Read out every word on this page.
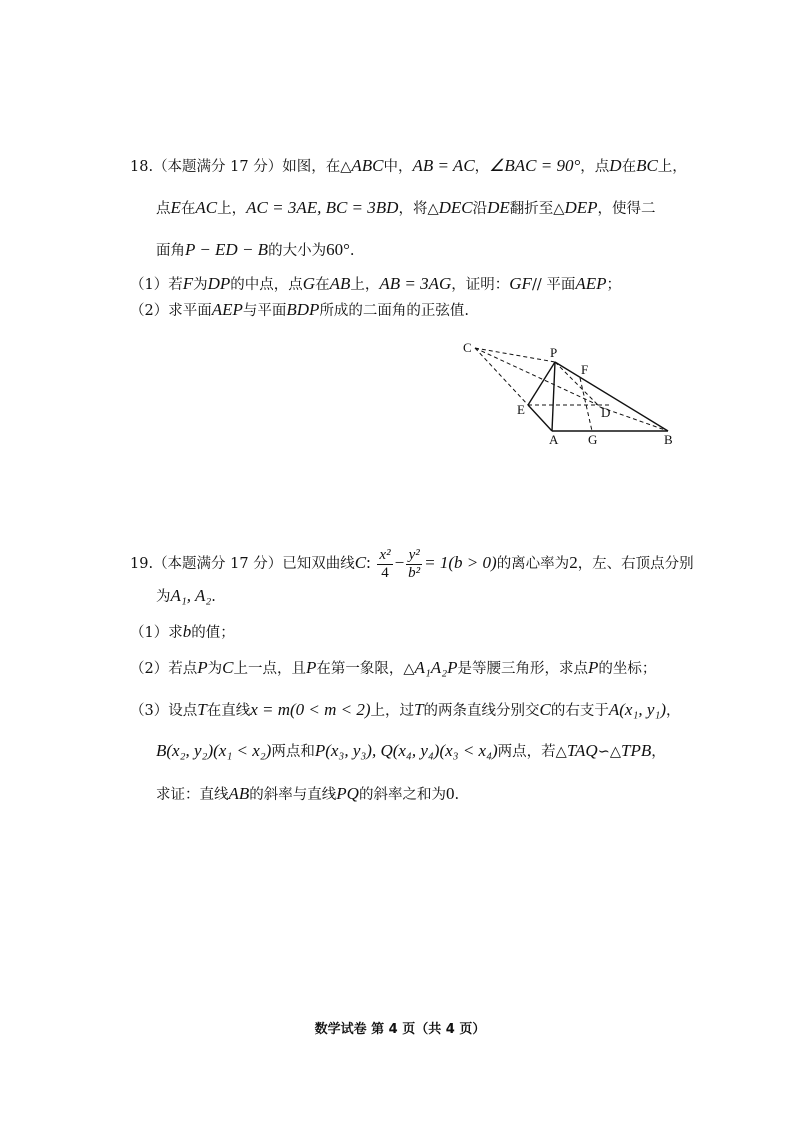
18.（本题满分 17 分）如图，在△ABC中，AB = AC，∠BAC = 90°，点D在BC上，
点E在AC上，AC = 3AE, BC = 3BD，将△DEC沿DE翻折至△DEP，使得二
面角P − ED − B的大小为60°.
（1）若F为DP的中点，点G在AB上，AB = 3AG，证明：GF// 平面AEP；
（2）求平面AEP与平面BDP所成的二面角的正弦值.
C	P
F
E	D
A G	B
19.（本题满分 17 分）已知双曲线C: $\frac{\text{x²}}{4} - \frac{\text{y²}}{\text{b²}} = 1(b > 0)$的离心率为2，左、右顶点分别
为A₁, A₂.
（1）求b的值；
（2）若点P为C上一点，且P在第一象限，△A₁A₂P是等腰三角形，求点P的坐标；
（3）设点T在直线x = m(0 < m < 2)上，过T的两条直线分别交C的右支于A(x₁, y₁)，
B(x₂, y₂)(x₁ < x₂)两点和P(x₃, y₃), Q(x₄, y₄)(x₃ < x₄)两点，若△TAQ∽△TPB，
求证：直线AB的斜率与直线PQ的斜率之和为0.
数学试卷 第 4 页（共 4 页）
